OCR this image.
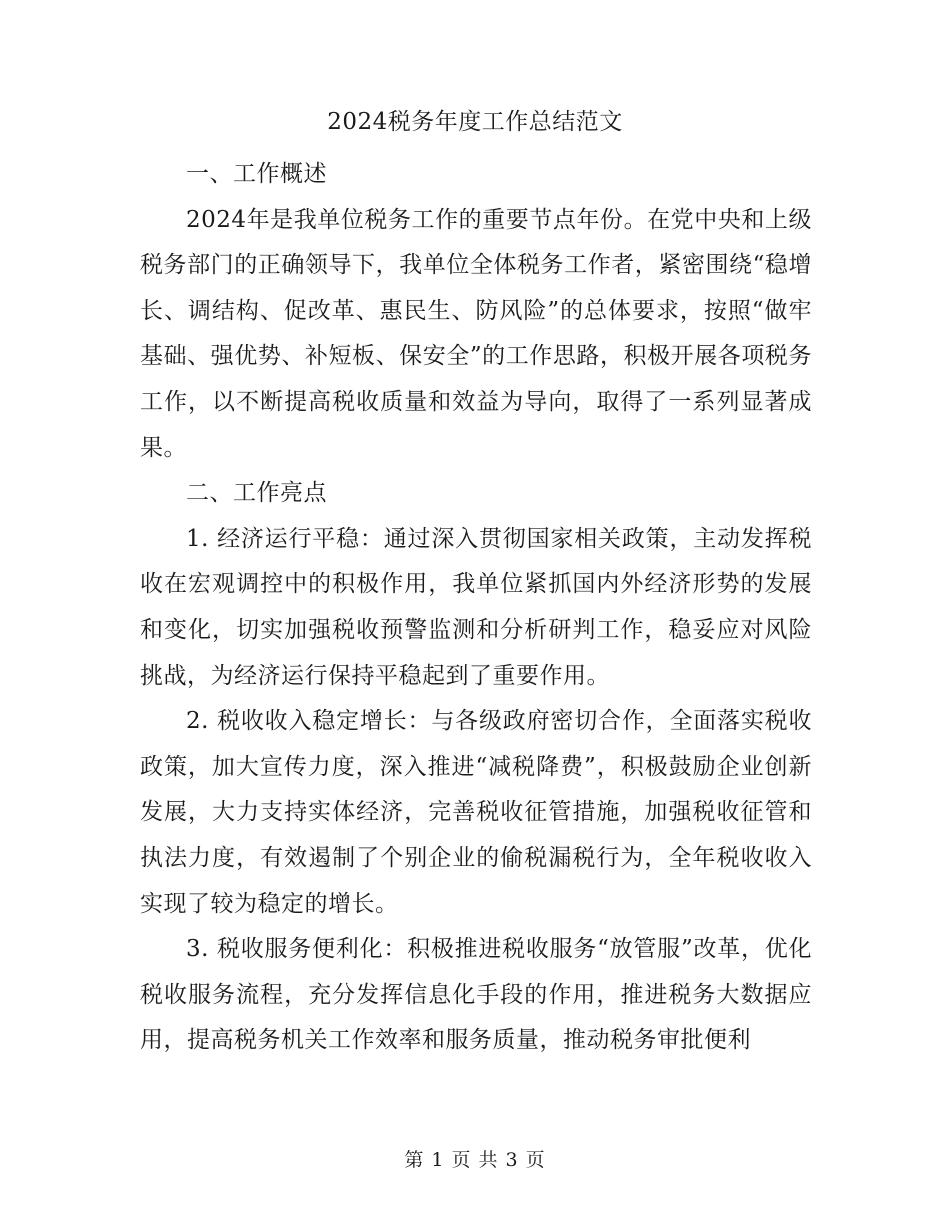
2024税务年度工作总结范文

一、工作概述

2024年是我单位税务工作的重要节点年份。在党中央和上级税务部门的正确领导下，我单位全体税务工作者，紧密围绕“稳增长、调结构、促改革、惠民生、防风险”的总体要求，按照“做牢基础、强优势、补短板、保安全”的工作思路，积极开展各项税务工作，以不断提高税收质量和效益为导向，取得了一系列显著成果。

二、工作亮点

1. 经济运行平稳：通过深入贯彻国家相关政策，主动发挥税收在宏观调控中的积极作用，我单位紧抓国内外经济形势的发展和变化，切实加强税收预警监测和分析研判工作，稳妥应对风险挑战，为经济运行保持平稳起到了重要作用。

2. 税收收入稳定增长：与各级政府密切合作，全面落实税收政策，加大宣传力度，深入推进“减税降费”，积极鼓励企业创新发展，大力支持实体经济，完善税收征管措施，加强税收征管和执法力度，有效遏制了个别企业的偷税漏税行为，全年税收收入实现了较为稳定的增长。

3. 税收服务便利化：积极推进税收服务“放管服”改革，优化税收服务流程，充分发挥信息化手段的作用，推进税务大数据应用，提高税务机关工作效率和服务质量，推动税务审批便利

第 1 页 共 3 页
